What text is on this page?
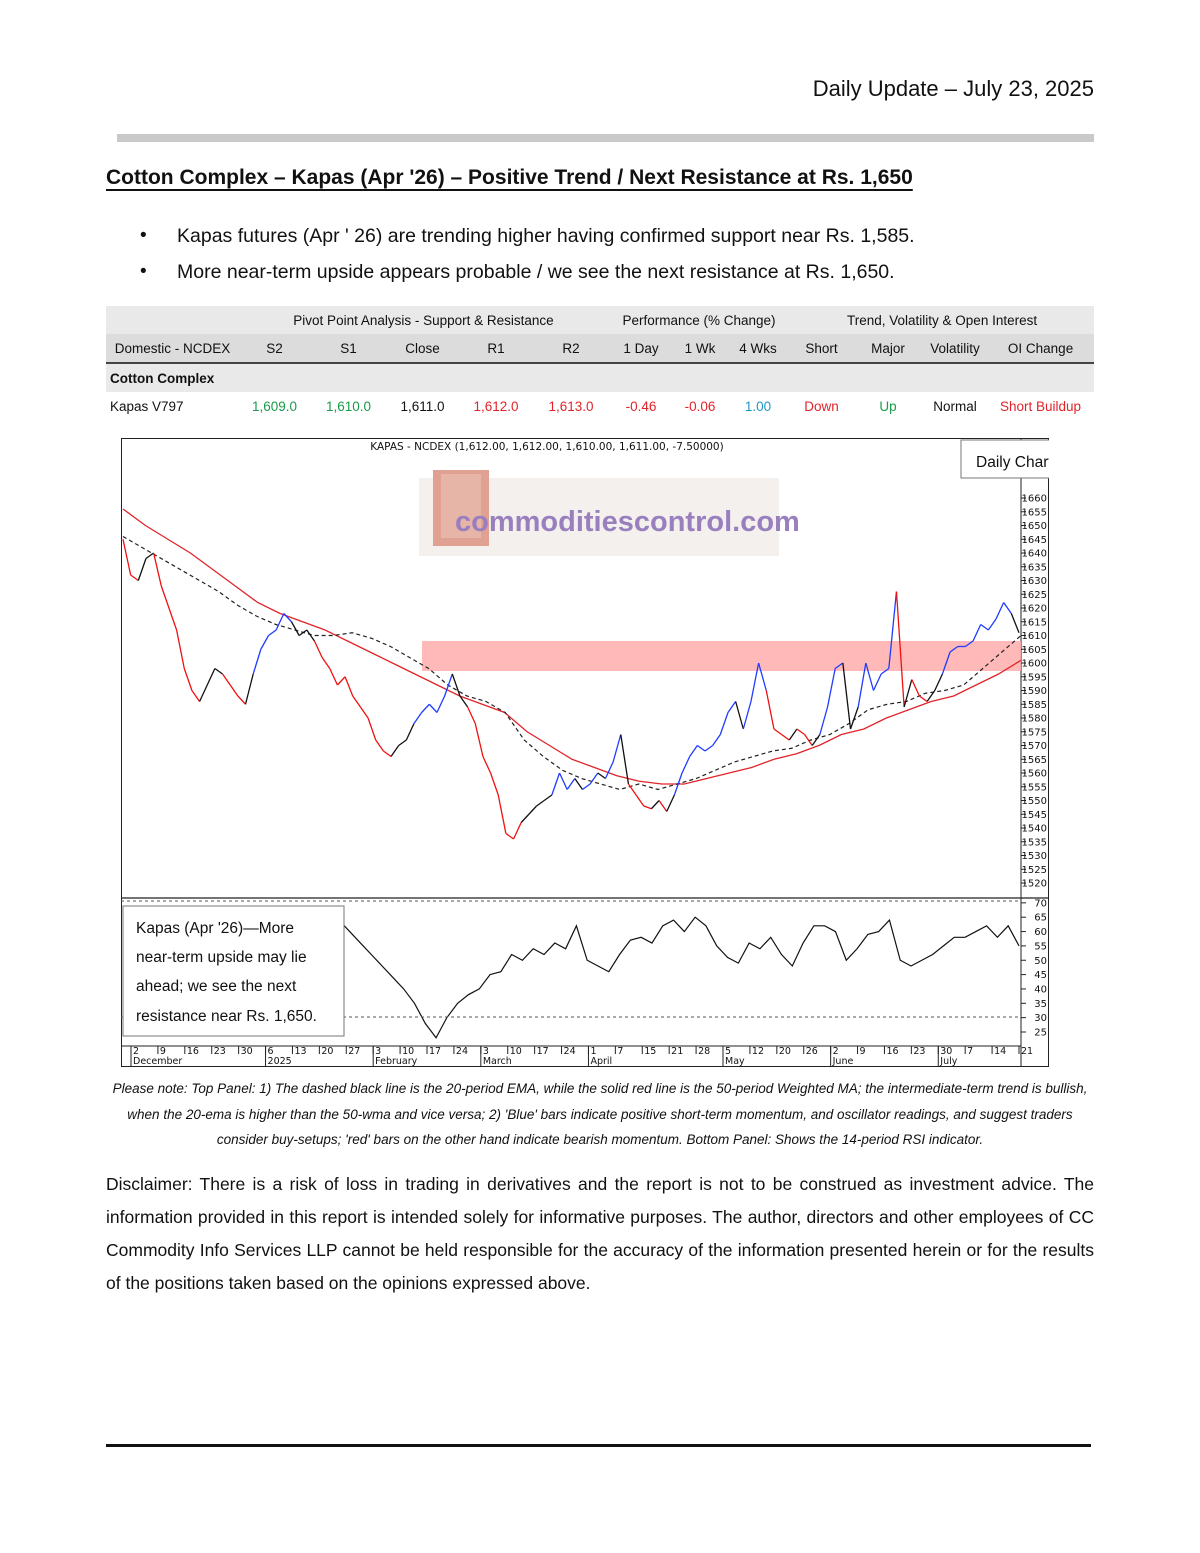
Daily Update – July 23, 2025
Cotton Complex – Kapas (Apr '26) – Positive Trend / Next Resistance at Rs. 1,650
• Kapas futures (Apr ' 26) are trending higher having confirmed support near Rs. 1,585.
• More near-term upside appears probable / we see the next resistance at Rs. 1,650.
	Pivot Point Analysis - Support & Resistance					Performance (% Change)			Trend, Volatility & Open Interest			
Domestic - NCDEX	S2	S1	Close	R1	R2	1 Day	1 Wk	4 Wks	Short	Major	Volatility	OI Change
Cotton Complex												
Kapas V797	1,609.0	1,610.0	1,611.0	1,612.0	1,613.0	-0.46	-0.06	1.00	Down	Up	Normal	Short Buildup
KAPAS - NCDEX (1,612.00, 1,612.00, 1,610.00, 1,611.00, -7.50000)
commoditiescontrol.com
1520
1525
1530
1535
1540
1545
1550
1555
1560
1565
1570
1575
1580
1585
1590
1595
1600
1605
1610
1615
1620
1625
1630
1635
1640
1645
1650
1655
1660
25
30
35
40
45
50
55
60
65
70
2 9 16 23 30 6 13 20 27 3 10 17 24 3 10 17 24 1 7 15 21 28 5 12 20 26 2 9 16 23 30 7 14 21
December	2025	February	March	April	May	June	July
Daily Chart
Kapas (Apr '26)—More
near-term upside may lie
ahead; we see the next
resistance near Rs. 1,650.
Please note: Top Panel: 1) The dashed black line is the 20-period EMA, while the solid red line is the 50-period Weighted MA; the intermediate-term trend is bullish, when the 20-ema is higher than the 50-wma and vice versa; 2) 'Blue' bars indicate positive short-term momentum, and oscillator readings, and suggest traders consider buy-setups; 'red' bars on the other hand indicate bearish momentum. Bottom Panel: Shows the 14-period RSI indicator.
Disclaimer: There is a risk of loss in trading in derivatives and the report is not to be construed as investment advice. The information provided in this report is intended solely for informative purposes. The author, directors and other employees of CC Commodity Info Services LLP cannot be held responsible for the accuracy of the information presented herein or for the results of the positions taken based on the opinions expressed above.
